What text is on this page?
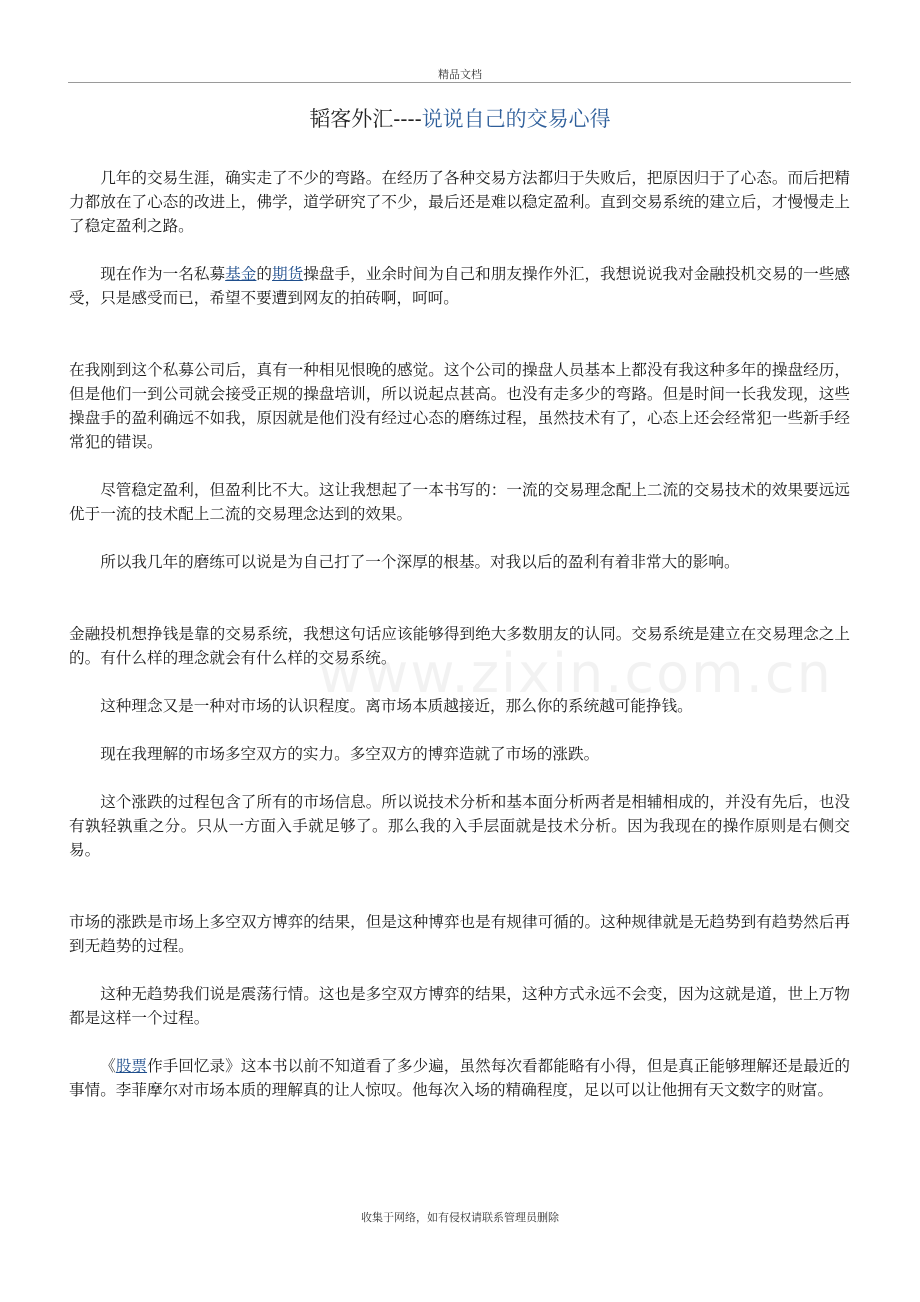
精品文档
韬客外汇----说说自己的交易心得
www.zixin.com.cn

几年的交易生涯，确实走了不少的弯路。在经历了各种交易方法都归于失败后，把原因归于了心态。而后把精力都放在了心态的改进上，佛学，道学研究了不少，最后还是难以稳定盈利。直到交易系统的建立后，才慢慢走上了稳定盈利之路。

现在作为一名私募基金的期货操盘手，业余时间为自己和朋友操作外汇，我想说说我对金融投机交易的一些感受，只是感受而已，希望不要遭到网友的拍砖啊，呵呵。

在我刚到这个私募公司后，真有一种相见恨晚的感觉。这个公司的操盘人员基本上都没有我这种多年的操盘经历，但是他们一到公司就会接受正规的操盘培训，所以说起点甚高。也没有走多少的弯路。但是时间一长我发现，这些操盘手的盈利确远不如我，原因就是他们没有经过心态的磨练过程，虽然技术有了，心态上还会经常犯一些新手经常犯的错误。

尽管稳定盈利，但盈利比不大。这让我想起了一本书写的：一流的交易理念配上二流的交易技术的效果要远远优于一流的技术配上二流的交易理念达到的效果。

所以我几年的磨练可以说是为自己打了一个深厚的根基。对我以后的盈利有着非常大的影响。

金融投机想挣钱是靠的交易系统，我想这句话应该能够得到绝大多数朋友的认同。交易系统是建立在交易理念之上的。有什么样的理念就会有什么样的交易系统。

这种理念又是一种对市场的认识程度。离市场本质越接近，那么你的系统越可能挣钱。

现在我理解的市场多空双方的实力。多空双方的博弈造就了市场的涨跌。

这个涨跌的过程包含了所有的市场信息。所以说技术分析和基本面分析两者是相辅相成的，并没有先后，也没有孰轻孰重之分。只从一方面入手就足够了。那么我的入手层面就是技术分析。因为我现在的操作原则是右侧交易。

市场的涨跌是市场上多空双方博弈的结果，但是这种博弈也是有规律可循的。这种规律就是无趋势到有趋势然后再到无趋势的过程。

这种无趋势我们说是震荡行情。这也是多空双方博弈的结果，这种方式永远不会变，因为这就是道，世上万物都是这样一个过程。

《股票作手回忆录》这本书以前不知道看了多少遍，虽然每次看都能略有小得，但是真正能够理解还是最近的事情。李菲摩尔对市场本质的理解真的让人惊叹。他每次入场的精确程度，足以可以让他拥有天文数字的财富。

收集于网络，如有侵权请联系管理员删除
